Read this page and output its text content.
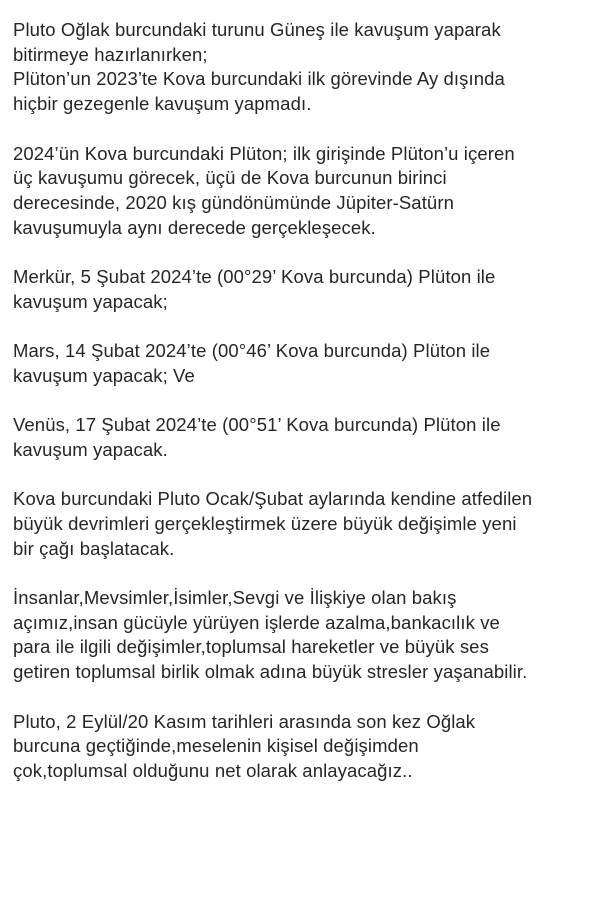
Pluto Oğlak burcundaki turunu Güneş ile kavuşum yaparak
bitirmeye hazırlanırken;
Plüton’un 2023’te Kova burcundaki ilk görevinde Ay dışında
hiçbir gezegenle kavuşum yapmadı.

2024’ün Kova burcundaki Plüton; ilk girişinde Plüton’u içeren
üç kavuşumu görecek, üçü de Kova burcunun birinci
derecesinde, 2020 kış gündönümünde Jüpiter-Satürn
kavuşumuyla aynı derecede gerçekleşecek.

Merkür, 5 Şubat 2024’te (00°29’ Kova burcunda) Plüton ile
kavuşum yapacak;

Mars, 14 Şubat 2024’te (00°46’ Kova burcunda) Plüton ile
kavuşum yapacak; Ve

Venüs, 17 Şubat 2024’te (00°51’ Kova burcunda) Plüton ile
kavuşum yapacak.

Kova burcundaki Pluto Ocak/Şubat aylarında kendine atfedilen
büyük devrimleri gerçekleştirmek üzere büyük değişimle yeni
bir çağı başlatacak.

İnsanlar,Mevsimler,İsimler,Sevgi ve İlişkiye olan bakış
açımız,insan gücüyle yürüyen işlerde azalma,bankacılık ve
para ile ilgili değişimler,toplumsal hareketler ve büyük ses
getiren toplumsal birlik olmak adına büyük stresler yaşanabilir.

Pluto, 2 Eylül/20 Kasım tarihleri arasında son kez Oğlak
burcuna geçtiğinde,meselenin kişisel değişimden
çok,toplumsal olduğunu net olarak anlayacağız..
